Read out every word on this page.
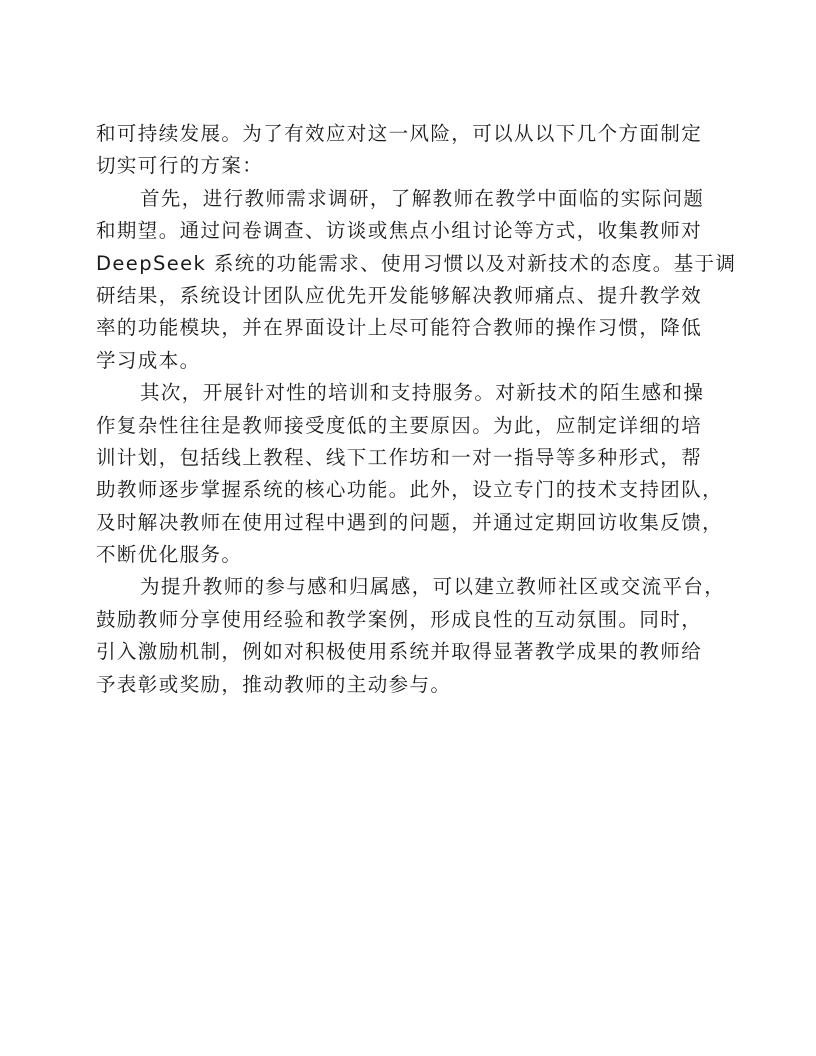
和可持续发展。为了有效应对这一风险，可以从以下几个方面制定
切实可行的方案：
首先，进行教师需求调研，了解教师在教学中面临的实际问题
和期望。通过问卷调查、访谈或焦点小组讨论等方式，收集教师对
DeepSeek 系统的功能需求、使用习惯以及对新技术的态度。基于调
研结果，系统设计团队应优先开发能够解决教师痛点、提升教学效
率的功能模块，并在界面设计上尽可能符合教师的操作习惯，降低
学习成本。
其次，开展针对性的培训和支持服务。对新技术的陌生感和操
作复杂性往往是教师接受度低的主要原因。为此，应制定详细的培
训计划，包括线上教程、线下工作坊和一对一指导等多种形式，帮
助教师逐步掌握系统的核心功能。此外，设立专门的技术支持团队，
及时解决教师在使用过程中遇到的问题，并通过定期回访收集反馈，
不断优化服务。
为提升教师的参与感和归属感，可以建立教师社区或交流平台，
鼓励教师分享使用经验和教学案例，形成良性的互动氛围。同时，
引入激励机制，例如对积极使用系统并取得显著教学成果的教师给
予表彰或奖励，推动教师的主动参与。
